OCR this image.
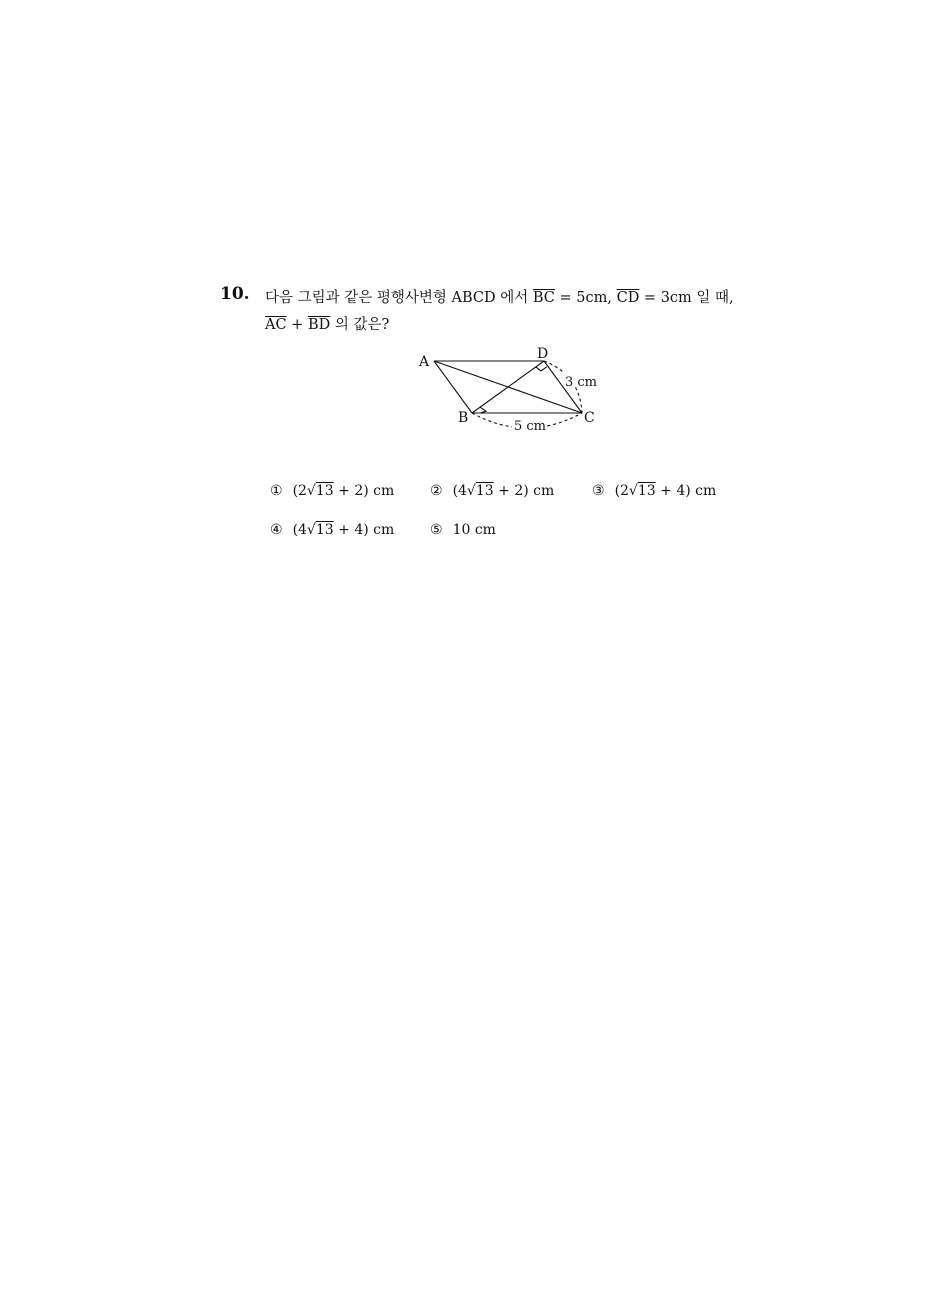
10. 다음 그림과 같은 평행사변형 ABCD 에서 $\overline{BC} = 5cm$, $\overline{CD} = 3cm$ 일 때,
$\overline{AC} + \overline{BD}$ 의 값은?
A
B	C
D
5 cm
3 cm
① (2√13 + 2) cm	② (4√13 + 2) cm	③ (2√13 + 4) cm
④ (4√13 + 4) cm	⑤ 10 cm
